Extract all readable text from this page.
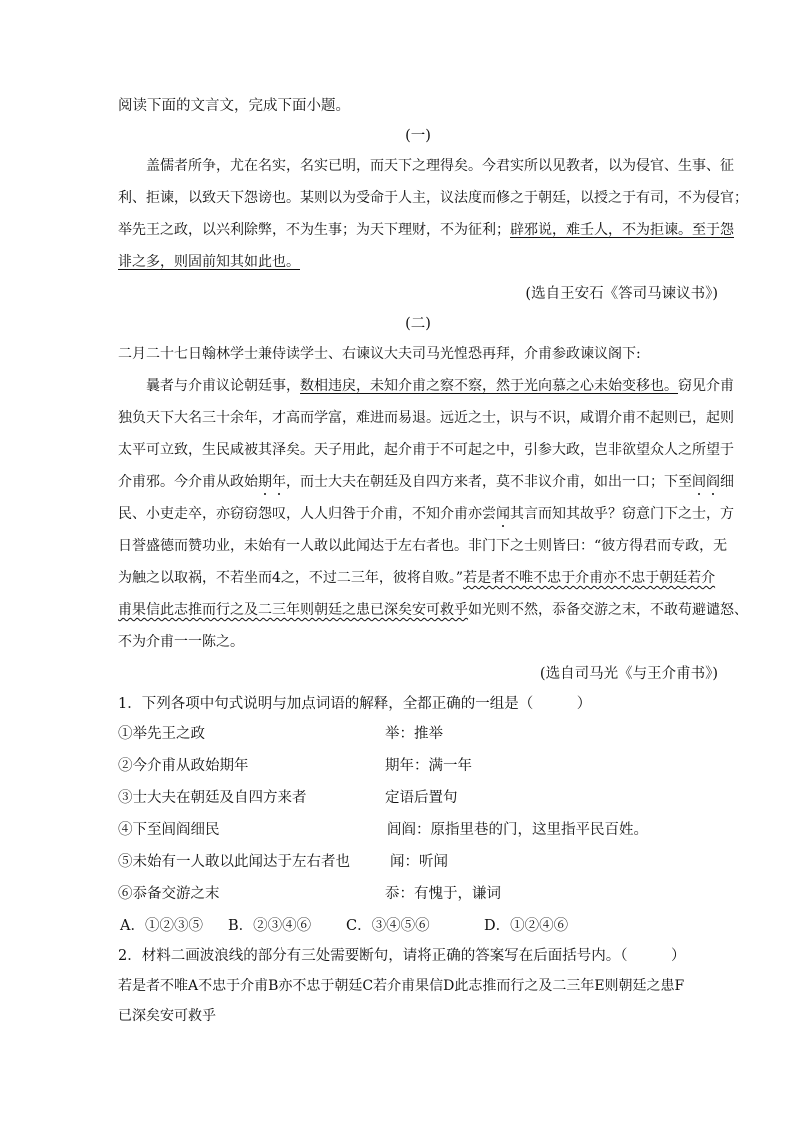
阅读下面的文言文，完成下面小题。
(一)
盖儒者所争，尤在名实，名实已明，而天下之理得矣。今君实所以见教者，以为侵官、生事、征
利、拒谏，以致天下怨谤也。某则以为受命于人主，议法度而修之于朝廷，以授之于有司，不为侵官；
举先王之政，以兴利除弊，不为生事；为天下理财，不为征利；辟邪说，难壬人，不为拒谏。至于怨
诽之多，则固前知其如此也。
(选自王安石《答司马谏议书》)
(二)
二月二十七日翰林学士兼侍读学士、右谏议大夫司马光惶恐再拜，介甫参政谏议阁下:
曩者与介甫议论朝廷事，数相违戾，未知介甫之察不察，然于光向慕之心未始变移也。窃见介甫
独负天下大名三十余年，才高而学富，难进而易退。远近之士，识与不识，咸谓介甫不起则已，起则
太平可立致，生民咸被其泽矣。天子用此，起介甫于不可起之中，引参大政，岂非欲望众人之所望于
介甫邪。今介甫从政始期年，而士大夫在朝廷及自四方来者，莫不非议介甫，如出一口；下至闾阎细
民、小吏走卒，亦窃窃怨叹，人人归咎于介甫，不知介甫亦尝闻其言而知其故乎？窃意门下之士，方
日誉盛德而赞功业，未始有一人敢以此闻达于左右者也。非门下之士则皆曰：“彼方得君而专政，无
为触之以取祸，不若坐而4之，不过二三年，彼将自败。”若是者不唯不忠于介甫亦不忠于朝廷若介
甫果信此志推而行之及二三年则朝廷之患已深矣安可救乎如光则不然，忝备交游之末，不敢苟避谴怒、
不为介甫一一陈之。
(选自司马光《与王介甫书》)
1．下列各项中句式说明与加点词语的解释，全都正确的一组是（　　　）
①举先王之政	举：推举
②今介甫从政始期年	期年：满一年
③士大夫在朝廷及自四方来者	定语后置句
④下至闾阎细民	闾阎：原指里巷的门，这里指平民百姓。
⑤未始有一人敢以此闻达于左右者也	闻：听闻
⑥忝备交游之末	忝：有愧于，谦词
A．①②③⑤ B．②③④⑥ C．③④⑤⑥	D．①②④⑥
2．材料二画波浪线的部分有三处需要断句，请将正确的答案写在后面括号内。（　　　）
若是者不唯A不忠于介甫B亦不忠于朝廷C若介甫果信D此志推而行之及二三年E则朝廷之患F
已深矣安可救乎
